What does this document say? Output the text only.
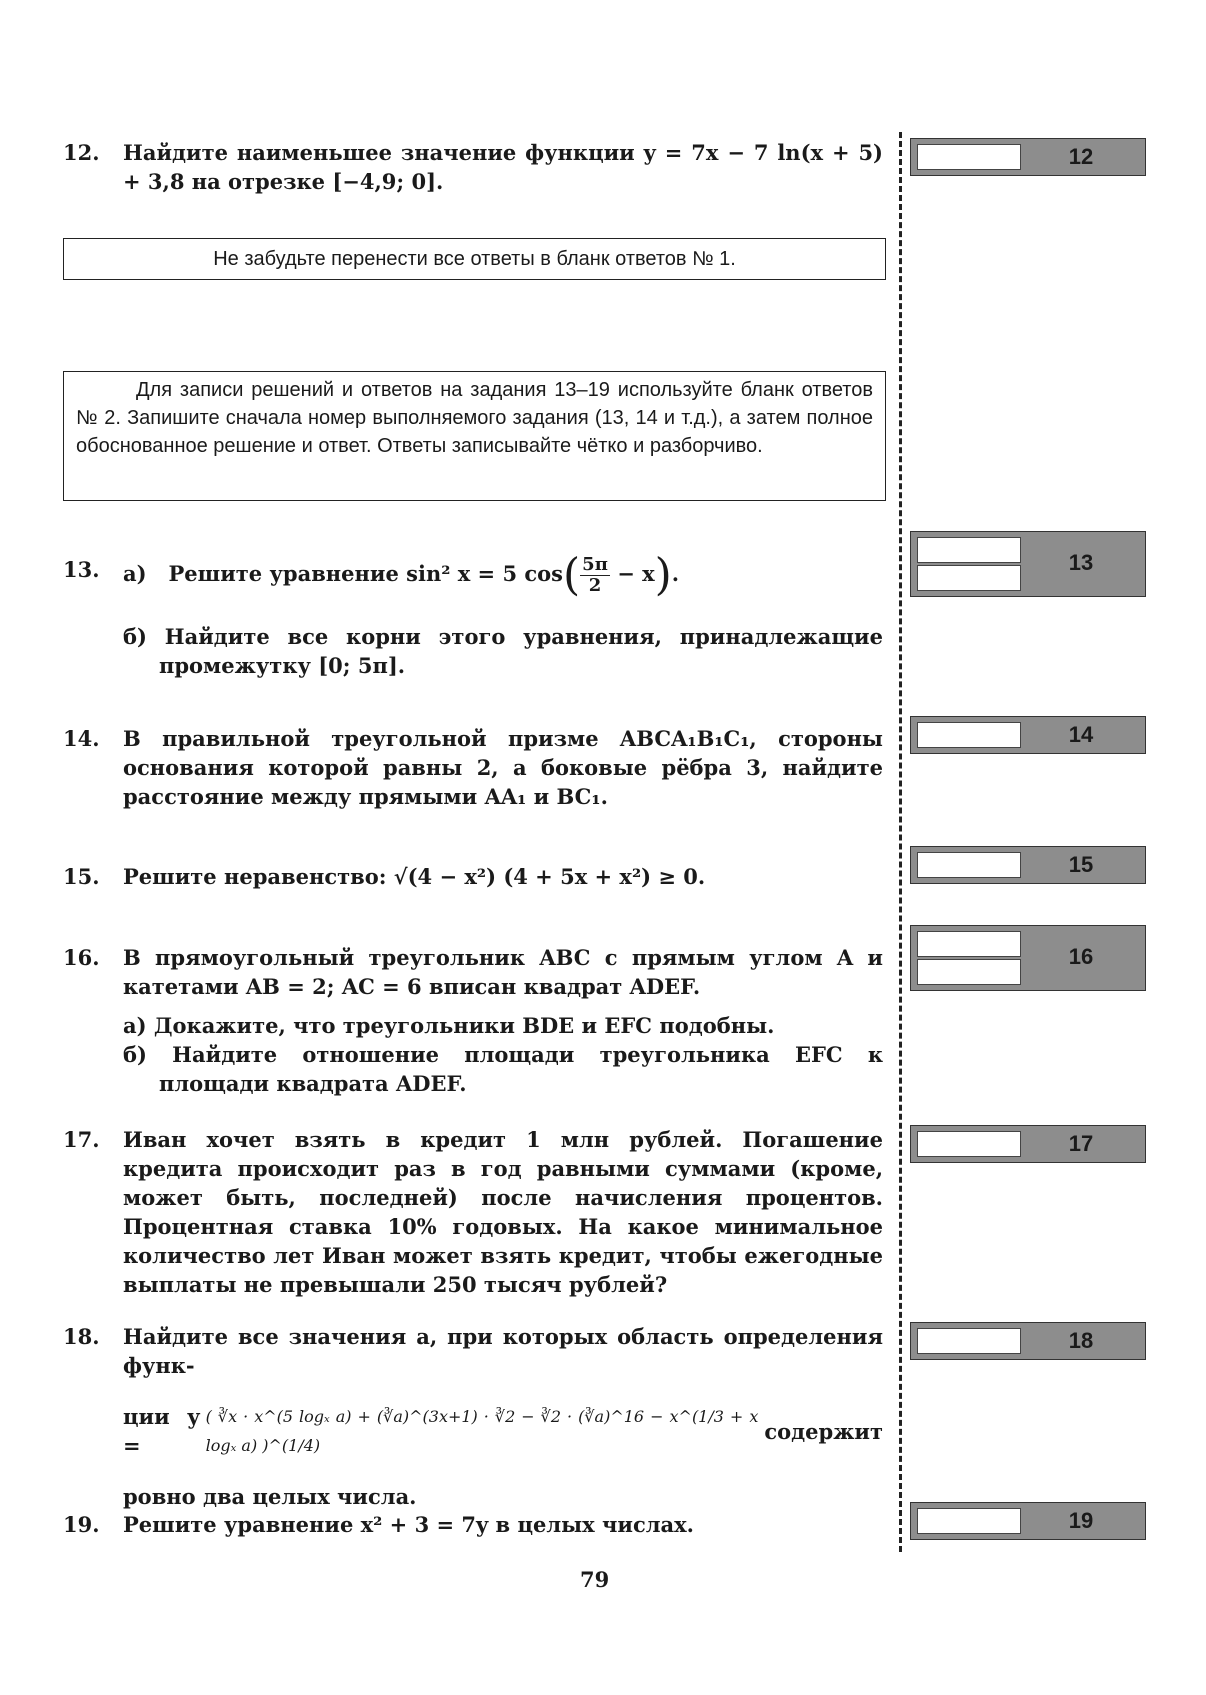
12. Найдите наименьшее значение функции y = 7x − 7 ln(x + 5) + 3,8 на отрезке [−4,9; 0].
Не забудьте перенести все ответы в бланк ответов № 1.
Для записи решений и ответов на задания 13–19 используйте бланк ответов № 2. Запишите сначала номер выполняемого задания (13, 14 и т.д.), а затем полное обоснованное решение и ответ. Ответы записывайте чётко и разборчиво.
13. а) Решите уравнение sin² x = 5 $\cos( \frac{5\pi}{2} - x)$.
б) Найдите все корни этого уравнения, принадлежащие промежутку [0; 5π].
14. В правильной треугольной призме ABCA₁B₁C₁, стороны основания которой равны 2, а боковые рёбра 3, найдите расстояние между прямыми AA₁ и BC₁.
15. Решите неравенство: √(4 − x²) (4 + 5x + x²) ≥ 0.
16. В прямоугольный треугольник ABC с прямым углом A и катетами AB = 2; AC = 6 вписан квадрат ADEF.
а) Докажите, что треугольники BDE и EFC подобны.
б) Найдите отношение площади треугольника EFC к площади квадрата ADEF.
17. Иван хочет взять в кредит 1 млн рублей. Погашение кредита происходит раз в год равными суммами (кроме, может быть, последней) после начисления процентов. Процентная ставка 10% годовых. На какое минимальное количество лет Иван может взять кредит, чтобы ежегодные выплаты не превышали 250 тысяч рублей?
18. Найдите все значения a, при которых область определения функ-
ции y =
( ∛x · x^(5 logₓ a) + (∛a)^(3x+1) · ∛2 − ∛2 · (∛a)^16 − x^(1/3 + x logₓ a) )^(1/4)
содержит
ровно два целых числа.
19. Решите уравнение x² + 3 = 7y в целых числах.
12
13
14
15
16
17
18
19
79
